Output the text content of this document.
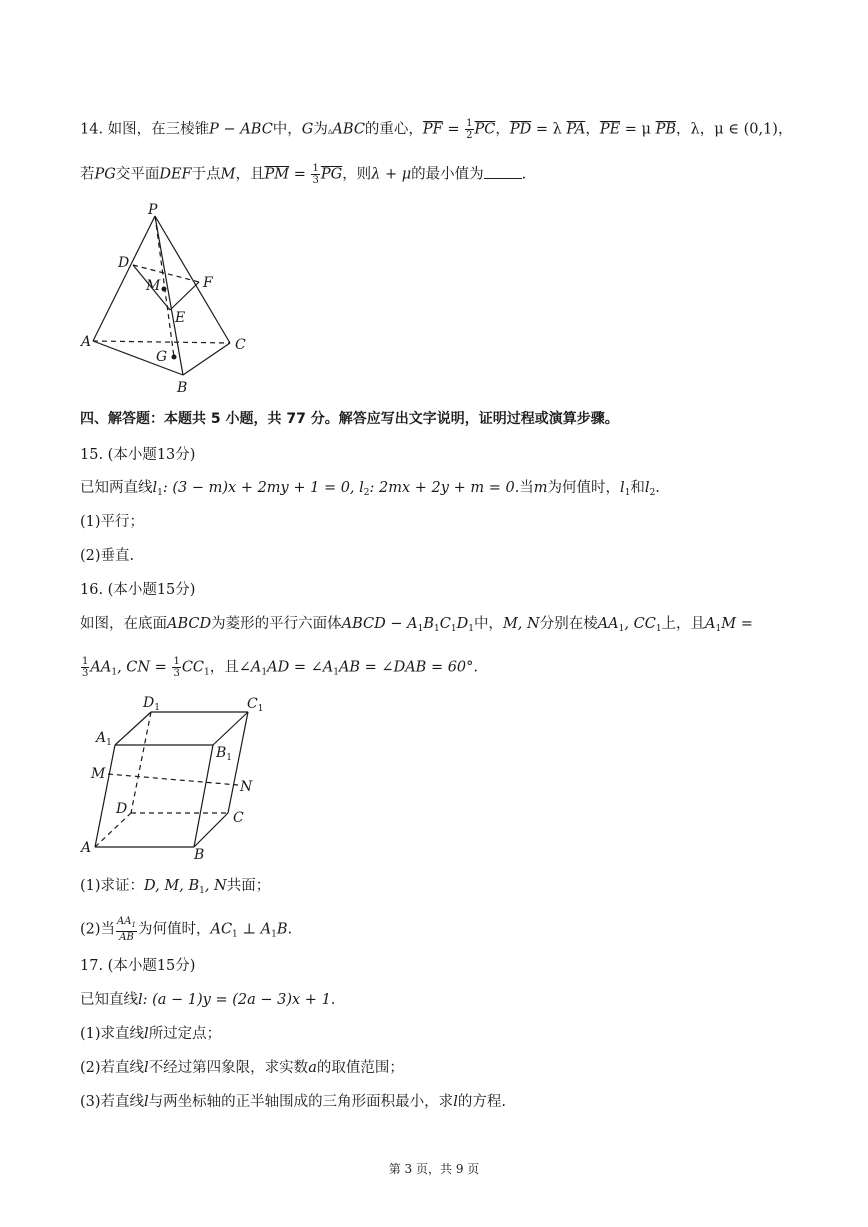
14. 如图，在三棱锥P − ABC中，G为▵ABC的重心，$\overline{PF} = \frac{1}{2} \overline{PC}$，$\overline{PD} = \lambda$ $\overline{PA}$，$\overline{PE} = \mu$ $\overline{PB}$，λ，μ ∈ (0,1)，
若PG交平面DEF于点M，且$\overline{PM} = \frac{1}{3} \overline{PG}$，则λ + μ的最小值为	.
P
D
M	F
E
A	C
G
B
四、解答题：本题共 5 小题，共 77 分。解答应写出文字说明，证明过程或演算步骤。
15. (本小题13分)
已知两直线$l_1$: (3 − m)x + 2my + 1 = 0, $l_2$: 2mx + 2y + m = 0.当m为何值时，$l_1$和$l_2$.
(1)平行；
(2)垂直.
16. (本小题15分)
如图，在底面ABCD为菱形的平行六面体ABCD − $A_1B_1C_1D_1$中，M, N分别在棱$AA_1$, $CC_1$上，且$A_1M$ =
$\frac{1}{3} AA_1$, CN = $\frac{1}{3} CC_1$，且$\angle A_1AD$ = $\angle A_1AB$ = ∠DAB = 60°.
$D_1$	$C_1$
$A_1$
$B_1$
M
N
D
C
A	B
(1)求证：D, M, $B_1$, N共面；
(2)当 $\frac{AA_1}{AB}$ 为何值时，$AC_1$ ⊥ $A_1B$.
17. (本小题15分)
已知直线l: (a − 1)y = (2a − 3)x + 1.
(1)求直线l所过定点；
(2)若直线l不经过第四象限，求实数a的取值范围；
(3)若直线l与两坐标轴的正半轴围成的三角形面积最小，求l的方程.
第 3 页，共 9 页
